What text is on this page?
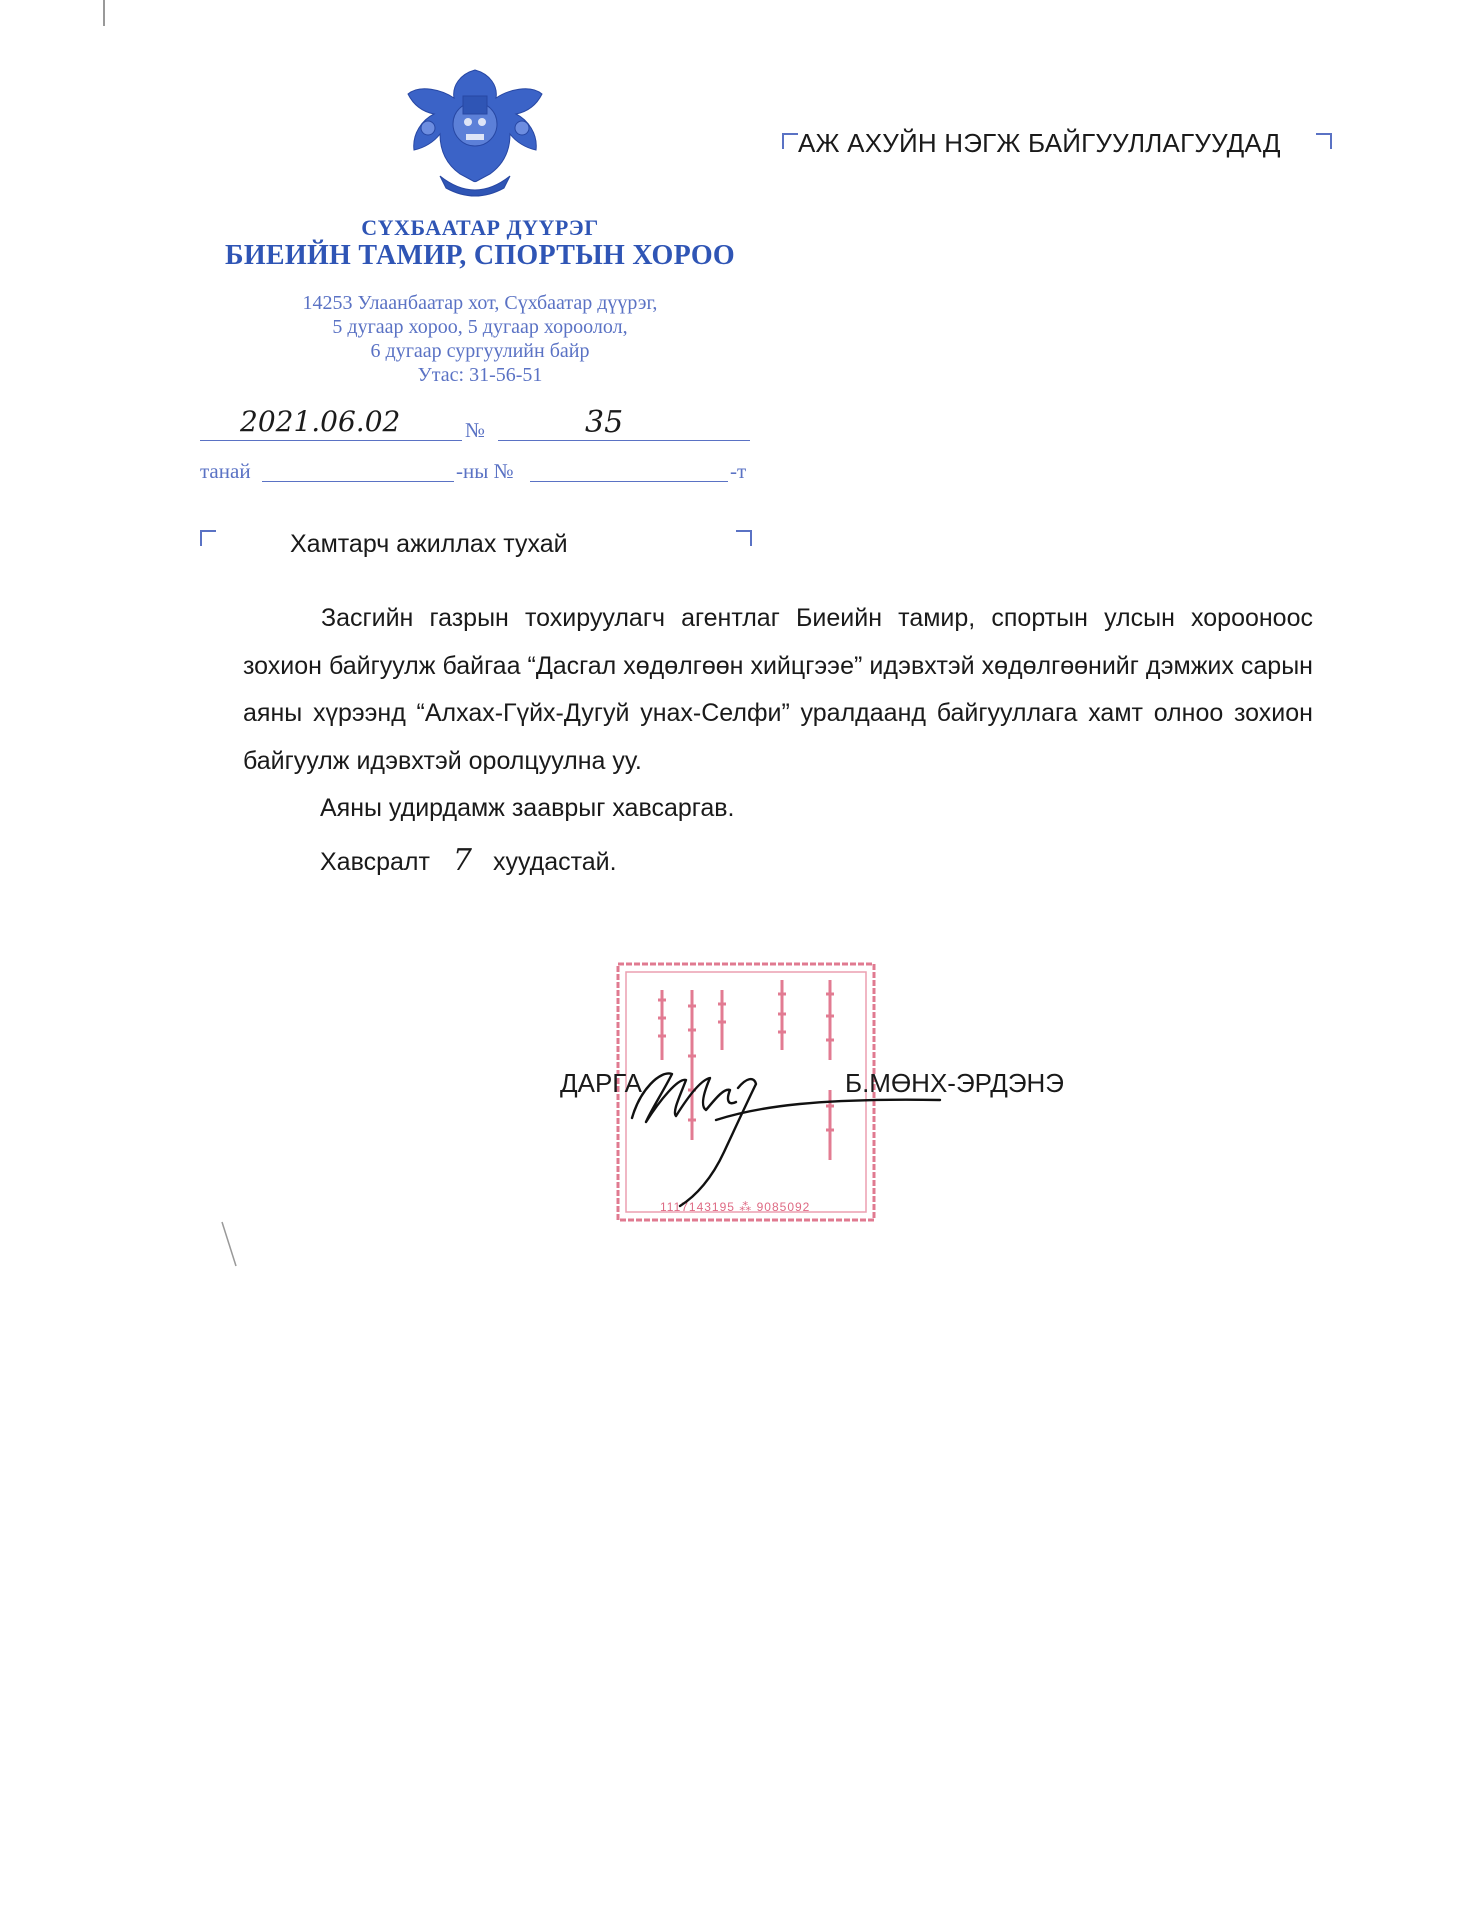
СҮХБААТАР ДҮҮРЭГ
БИЕИЙН ТАМИР, СПОРТЫН ХОРОО
14253 Улаанбаатар хот, Сүхбаатар дүүрэг,
5 дугаар хороо, 5 дугаар хороолол,
6 дугаар сургуулийн байр
Утас: 31-56-51
2021.06.02	№	35
танай	-ны №	-т
АЖ АХУЙН НЭГЖ БАЙГУУЛЛАГУУДАД
Хамтарч ажиллах тухай
Засгийн газрын тохируулагч агентлаг Биеийн тамир, спортын улсын хорооноос зохион байгуулж байгаа “Дасгал хөдөлгөөн хийцгээе” идэвхтэй хөдөлгөөнийг дэмжих сарын аяны хүрээнд “Алхах-Гүйх-Дугуй унах-Селфи” уралдаанд байгууллага хамт олноо зохион байгуулж идэвхтэй оролцуулна уу.
Аяны удирдамж зааврыг хавсаргав.
Хавсралт 7 хуудастай.
1117143195 ⁂ 9085092
ДАРГА	Б.МӨНХ-ЭРДЭНЭ
